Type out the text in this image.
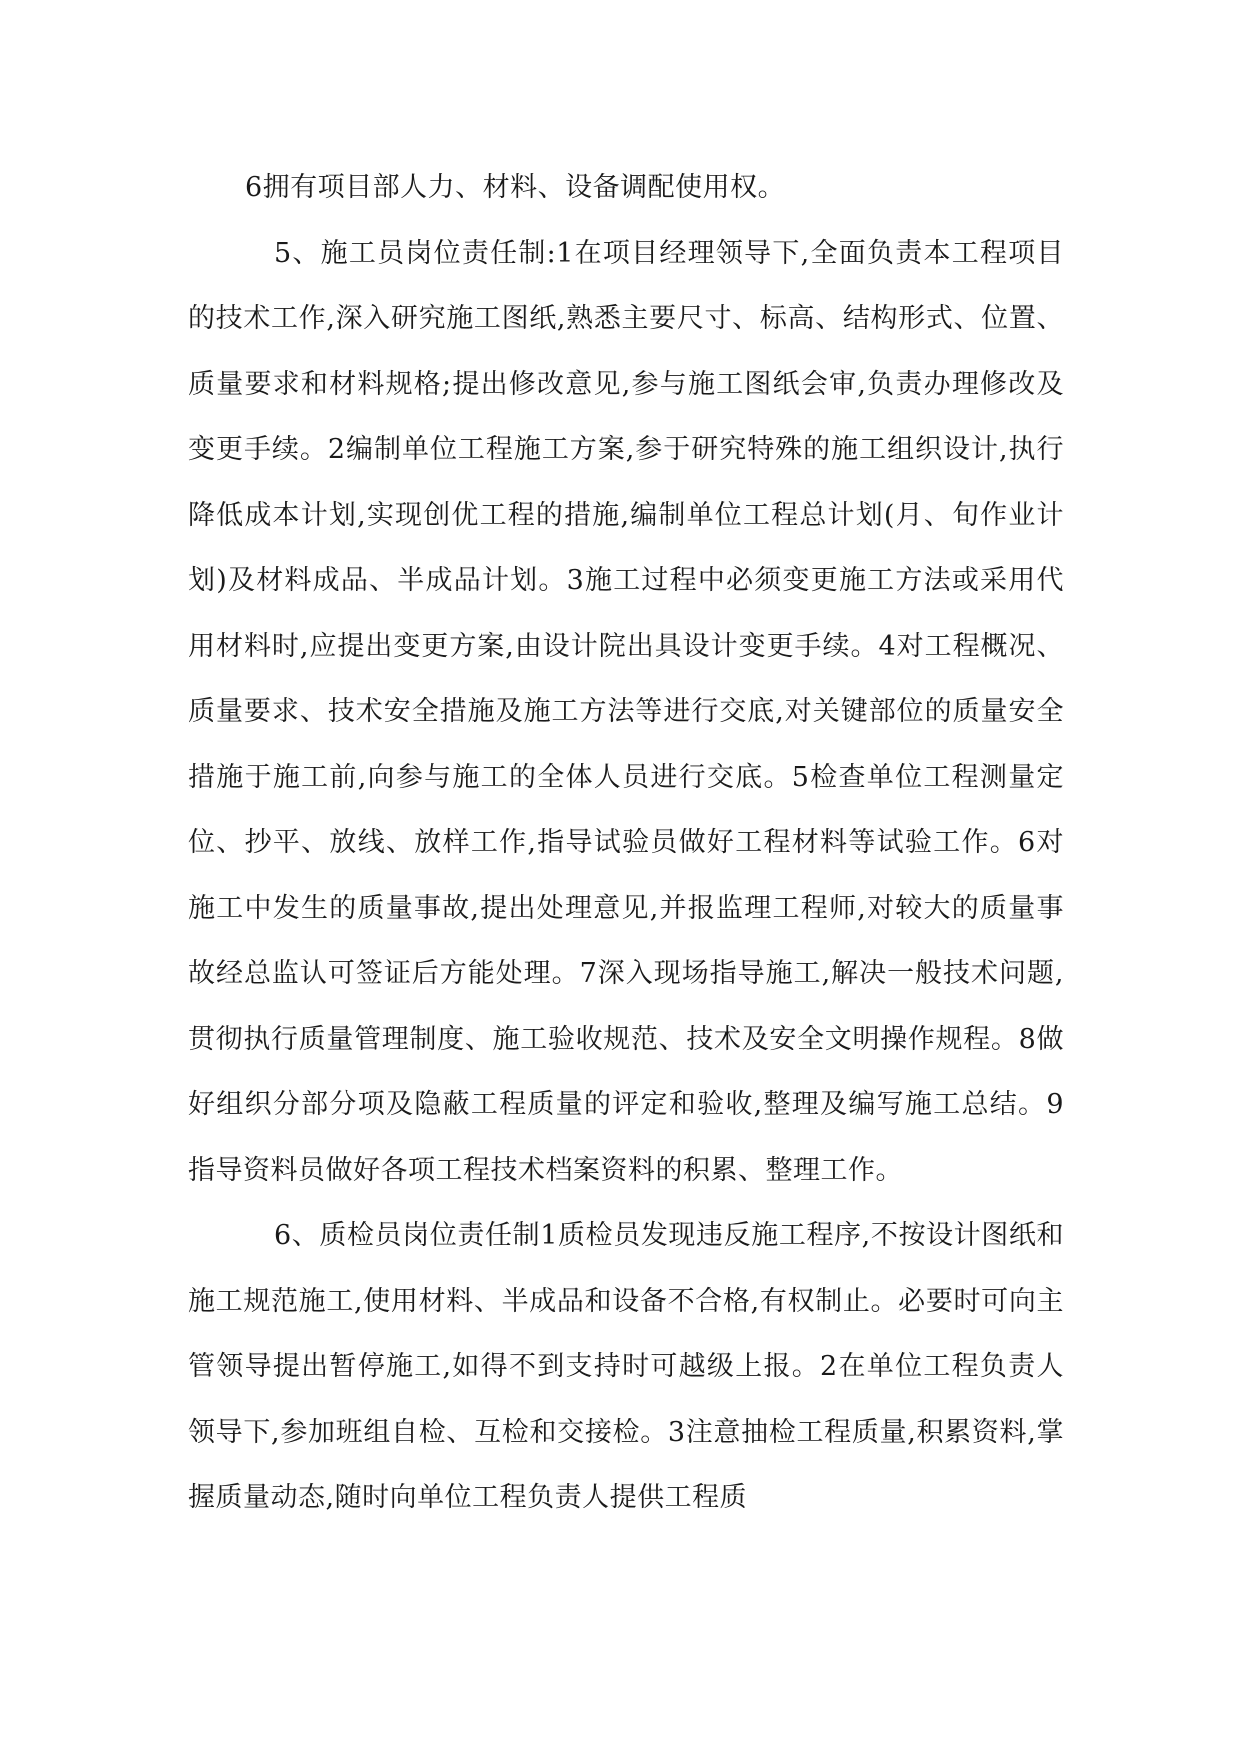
6拥有项目部人力、材料、设备调配使用权。

5、施工员岗位责任制:1在项目经理领导下,全面负责本工程项目的技术工作,深入研究施工图纸,熟悉主要尺寸、标高、结构形式、位置、质量要求和材料规格;提出修改意见,参与施工图纸会审,负责办理修改及变更手续。2编制单位工程施工方案,参于研究特殊的施工组织设计,执行降低成本计划,实现创优工程的措施,编制单位工程总计划(月、旬作业计划)及材料成品、半成品计划。3施工过程中必须变更施工方法或采用代用材料时,应提出变更方案,由设计院出具设计变更手续。4对工程概况、质量要求、技术安全措施及施工方法等进行交底,对关键部位的质量安全措施于施工前,向参与施工的全体人员进行交底。5检查单位工程测量定位、抄平、放线、放样工作,指导试验员做好工程材料等试验工作。6对施工中发生的质量事故,提出处理意见,并报监理工程师,对较大的质量事故经总监认可签证后方能处理。7深入现场指导施工,解决一般技术问题,贯彻执行质量管理制度、施工验收规范、技术及安全文明操作规程。8做好组织分部分项及隐蔽工程质量的评定和验收,整理及编写施工总结。9指导资料员做好各项工程技术档案资料的积累、整理工作。

6、质检员岗位责任制1质检员发现违反施工程序,不按设计图纸和施工规范施工,使用材料、半成品和设备不合格,有权制止。必要时可向主管领导提出暂停施工,如得不到支持时可越级上报。2在单位工程负责人领导下,参加班组自检、互检和交接检。3注意抽检工程质量,积累资料,掌握质量动态,随时向单位工程负责人提供工程质
